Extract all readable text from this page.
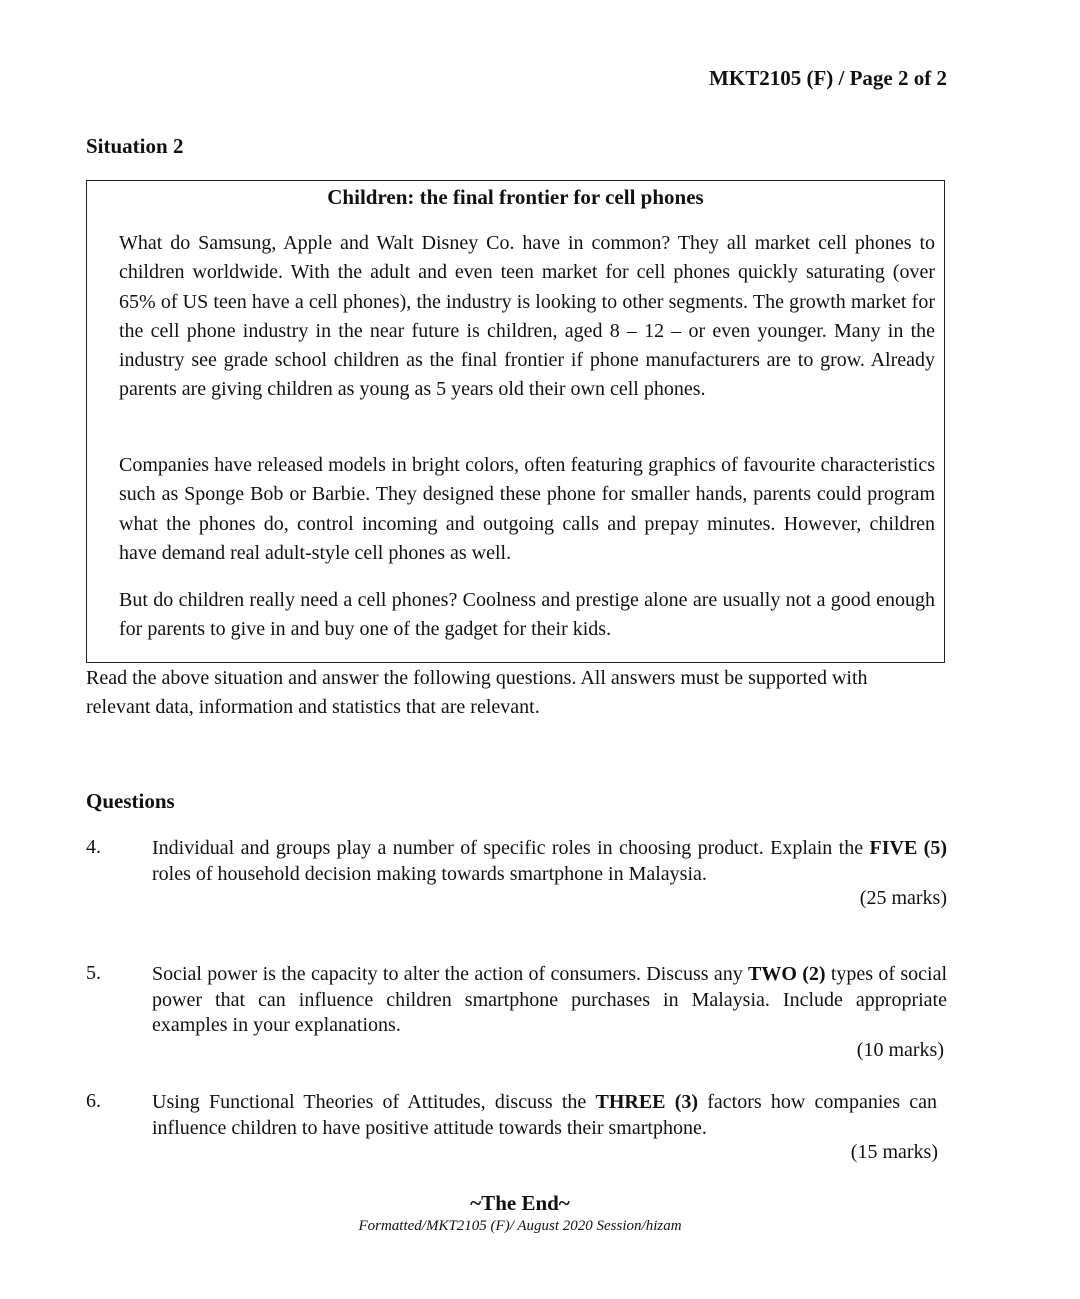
MKT2105 (F) / Page 2 of 2
Situation 2
Children: the final frontier for cell phones
What do Samsung, Apple and Walt Disney Co. have in common? They all market cell phones to children worldwide. With the adult and even teen market for cell phones quickly saturating (over 65% of US teen have a cell phones), the industry is looking to other segments. The growth market for the cell phone industry in the near future is children, aged 8 – 12 – or even younger. Many in the industry see grade school children as the final frontier if phone manufacturers are to grow. Already parents are giving children as young as 5 years old their own cell phones.
Companies have released models in bright colors, often featuring graphics of favourite characteristics such as Sponge Bob or Barbie. They designed these phone for smaller hands, parents could program what the phones do, control incoming and outgoing calls and prepay minutes. However, children have demand real adult-style cell phones as well.
But do children really need a cell phones? Coolness and prestige alone are usually not a good enough for parents to give in and buy one of the gadget for their kids.
Read the above situation and answer the following questions. All answers must be supported with relevant data, information and statistics that are relevant.
Questions
4.	Individual and groups play a number of specific roles in choosing product. Explain the FIVE (5) roles of household decision making towards smartphone in Malaysia.
(25 marks)
5.	Social power is the capacity to alter the action of consumers. Discuss any TWO (2) types of social power that can influence children smartphone purchases in Malaysia. Include appropriate examples in your explanations.
(10 marks)
6.	Using Functional Theories of Attitudes, discuss the THREE (3) factors how companies can influence children to have positive attitude towards their smartphone.
(15 marks)
~The End~
Formatted/MKT2105 (F)/ August 2020 Session/hizam
